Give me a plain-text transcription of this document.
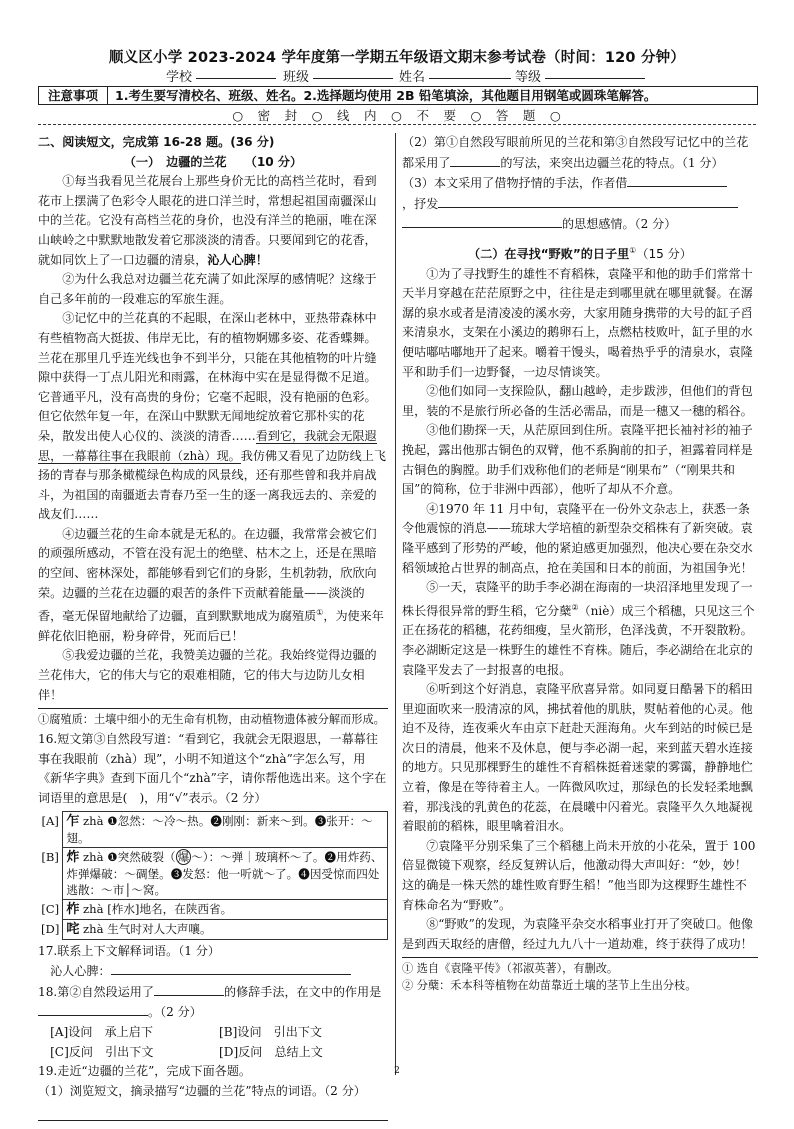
顺义区小学 2023-2024 学年度第一学期五年级语文期末参考试卷（时间：120 分钟）
学校	班级	姓名	等级
注意事项	1.考生要写清校名、班级、姓名。2.选择题均使用 2B 铅笔填涂，其他题目用钢笔或圆珠笔解答。
○　密　封　○　线　内　○　不　要　○　答　题　○

二、阅读短文，完成第 16-28 题。(36 分)

（一）　边疆的兰花　　（10 分）

①每当我看见兰花展台上那些身价无比的高档兰花时，看到花市上摆满了色彩令人眼花的进口洋兰时，常想起祖国南疆深山中的兰花。它没有高档兰花的身价，也没有洋兰的艳丽，唯在深山峡岭之中默默地散发着它那淡淡的清香。只要闻到它的花香，就如同饮上了一口边疆的清泉，沁人心脾！

②为什么我总对边疆兰花充满了如此深厚的感情呢？这缘于自己多年前的一段难忘的军旅生涯。

③记忆中的兰花真的不起眼，在深山老林中，亚热带森林中有些植物高大挺拔、伟岸无比，有的植物婀娜多姿、花香蝶舞。兰花在那里几乎连光线也争不到半分，只能在其他植物的叶片缝隙中获得一丁点儿阳光和雨露，在林海中实在是显得微不足道。它普通平凡，没有高贵的身份；它毫不起眼，没有艳丽的色彩。但它依然年复一年，在深山中默默无闻地绽放着它那朴实的花朵，散发出使人心仪的、淡淡的清香……看到它，我就会无限遐思，一幕幕往事在我眼前（zhà）现。我仿佛又看见了边防线上飞扬的青春与那条橄榄绿色构成的风景线，还有那些曾和我并肩战斗，为祖国的南疆逝去青春乃至一生的逐一离我远去的、亲爱的战友们……

④边疆兰花的生命本就是无私的。在边疆，我常常会被它们的顽强所感动，不管在没有泥土的绝壁、枯木之上，还是在黑暗的空间、密林深处，都能够看到它们的身影，生机勃勃，欣欣向荣。边疆的兰花在边疆的艰苦的条件下贡献着能量——淡淡的香，毫无保留地献给了边疆，直到默默地成为腐殖质①，为使来年鲜花依旧艳丽，粉身碎骨，死而后已！

⑤我爱边疆的兰花，我赞美边疆的兰花。我始终觉得边疆的兰花伟大，它的伟大与它的艰难相随，它的伟大与边防儿女相伴！

①腐殖质：土壤中细小的无生命有机物，由动植物遗体被分解而形成。

16.短文第③自然段写道：“看到它，我就会无限遐思，一幕幕往事在我眼前（zhà）现”，小明不知道这个“zhà”字怎么写，用《新华字典》查到下面几个“zhà”字，请你帮他选出来。这个字在词语里的意思是(　)，用“√”表示。（2 分）

[A]	乍 zhà ❶忽然：～冷～热。❷刚刚：新来～到。❸张开：～翅。
[B]	炸 zhà ❶突然破裂（ 爆 ～）：～弹｜玻璃杯～了。❷用炸药、炸弹爆破：～碉堡。❸发怒：他一听就～了。❹因受惊而四处逃散：～市│～窝。
[C]	柞 zhà [柞水]地名，在陕西省。
[D]	咤 zhà 生气时对人大声嚷。

17.联系上下文解释词语。（1 分）

沁人心脾：

18.第②自然段运用了	的修辞手法，在文中的作用是
。（2 分）

[A]设问　承上启下	[B]设问　引出下文
[C]反问　引出下文	[D]反问　总结上文

19.走近“边疆的兰花”，完成下面各题。

（1）浏览短文，摘录描写“边疆的兰花”特点的词语。（2 分）

（2）第①自然段写眼前所见的兰花和第③自然段写记忆中的兰花都采用了	的写法，来突出边疆兰花的特点。（1 分）

（3）本文采用了借物抒情的手法，作者借
，抒发
的思想感情。（2 分）

（二）在寻找“野败”的日子里①（15 分）

①为了寻找野生的雄性不育稻株，袁隆平和他的助手们常常十天半月穿越在茫茫原野之中，往往是走到哪里就在哪里就餐。在潺潺的泉水或者是清凌凌的溪水旁，大家用随身携带的大号的缸子舀来清泉水，支架在小溪边的鹅卵石上，点燃枯枝败叶，缸子里的水便咕嘟咕嘟地开了起来。嚼着干馒头，喝着热乎乎的清泉水，袁隆平和助手们一边野餐，一边尽情谈笑。

②他们如同一支探险队，翻山越岭，走步跋涉，但他们的背包里，装的不是旅行所必备的生活必需品，而是一穗又一穗的稻谷。

③他们勘探一天，从茫原回到住所。袁隆平把长袖衬衫的袖子挽起，露出他那古铜色的双臂，他不系胸前的扣子，袒露着同样是古铜色的胸膛。助手们戏称他们的老师是“刚果布”（“刚果共和国”的简称，位于非洲中西部），他听了却从不介意。

④1970 年 11 月中旬，袁隆平在一份外文杂志上，获悉一条令他震惊的消息——琉球大学培植的新型杂交稻株有了新突破。袁隆平感到了形势的严峻，他的紧迫感更加强烈，他决心要在杂交水稻领域抢占世界的制高点，抢在美国和日本的前面，为祖国争光！

⑤一天，袁隆平的助手李必湖在海南的一块沼泽地里发现了一株长得很异常的野生稻，它分蘖②（niè）成三个稻穗，只见这三个正在扬花的稻穗，花药细瘦，呈火箭形，色泽浅黄，不开裂散粉。李必湖断定这是一株野生的雄性不育株。随后，李必湖给在北京的袁隆平发去了一封报喜的电报。

⑥听到这个好消息，袁隆平欣喜异常。如同夏日酷暑下的稻田里迎面吹来一股清凉的风，拂拭着他的肌肤，熨帖着他的心灵。他迫不及待，连夜乘火车由京下赶赴天涯海角。火车到站的时候已是次日的清晨，他来不及休息，便与李必湖一起，来到蓝天碧水连接的地方。只见那棵野生的雄性不育稻株挺着迷蒙的雾霭，静静地伫立着，像是在等待着主人。一阵微风吹过，那绿色的长发轻柔地飘着，那浅浅的乳黄色的花蕊，在晨曦中闪着光。袁隆平久久地凝视着眼前的稻株，眼里噙着泪水。

⑦袁隆平分别采集了三个稻穗上尚未开放的小花朵，置于 100 倍显微镜下观察，经反复辨认后，他激动得大声叫好：“妙，妙！这的确是一株天然的雄性败育野生稻！”他当即为这棵野生雄性不育株命名为“野败”。

⑧“野败”的发现，为袁隆平杂交水稻事业打开了突破口。他像是到西天取经的唐僧，经过九九八十一道劫难，终于获得了成功！

① 选自《袁隆平传》（祁淑英著），有删改。

② 分蘖：禾本科等植物在幼苗靠近土壤的茎节上生出分枝。

2
